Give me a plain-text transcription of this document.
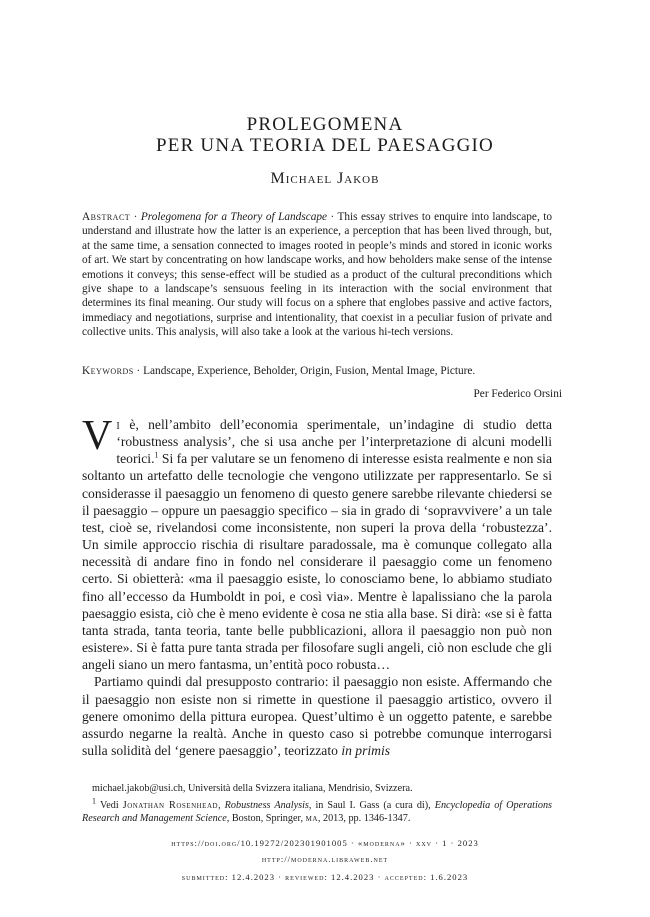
PROLEGOMENA
PER UNA TEORIA DEL PAESAGGIO
Michael Jakob
Abstract · Prolegomena for a Theory of Landscape · This essay strives to enquire into landscape, to understand and illustrate how the latter is an experience, a perception that has been lived through, but, at the same time, a sensation connected to images rooted in people’s minds and stored in iconic works of art. We start by concentrating on how landscape works, and how beholders make sense of the intense emotions it conveys; this sense-effect will be studied as a product of the cultural preconditions which give shape to a landscape’s sensuous feeling in its interaction with the social environment that determines its final meaning. Our study will focus on a sphere that englobes passive and active factors, immediacy and negotiations, surprise and intentionality, that coexist in a peculiar fusion of private and collective units. This analysis, will also take a look at the various hi-tech versions.
Keywords · Landscape, Experience, Beholder, Origin, Fusion, Mental Image, Picture.
Per Federico Orsini

Vi è, nell’ambito dell’economia sperimentale, un’indagine di studio detta ‘robustness analysis’, che si usa anche per l’interpretazione di alcuni modelli teorici.$^1$ Si fa per valutare se un fenomeno di interesse esista realmente e non sia soltanto un artefatto delle tecnologie che vengono utilizzate per rappresentarlo. Se si considerasse il paesaggio un fenomeno di questo genere sarebbe rilevante chiedersi se il paesaggio – oppure un paesaggio specifico – sia in grado di ‘sopravvivere’ a un tale test, cioè se, rivelandosi come inconsistente, non superi la prova della ‘robustezza’. Un simile approccio rischia di risultare paradossale, ma è comunque collegato alla necessità di andare fino in fondo nel considerare il paesaggio come un fenomeno certo. Si obietterà: «ma il paesaggio esiste, lo conosciamo bene, lo abbiamo studiato fino all’eccesso da Humboldt in poi, e così via». Mentre è lapalissiano che la parola paesaggio esista, ciò che è meno evidente è cosa ne stia alla base. Si dirà: «se si è fatta tanta strada, tanta teoria, tante belle pubblicazioni, allora il paesaggio non può non esistere». Si è fatta pure tanta strada per filosofare sugli angeli, ciò non esclude che gli angeli siano un mero fantasma, un’entità poco robusta…

Partiamo quindi dal presupposto contrario: il paesaggio non esiste. Affermando che il paesaggio non esiste non si rimette in questione il paesaggio artistico, ovvero il genere omonimo della pittura europea. Quest’ultimo è un oggetto patente, e sarebbe assurdo negarne la realtà. Anche in questo caso si potrebbe comunque interrogarsi sulla solidità del ‘genere paesaggio’, teorizzato in primis

michael.jakob@usi.ch, Università della Svizzera italiana, Mendrisio, Svizzera.
$^1$ Vedi Jonathan Rosenhead, Robustness Analysis, in Saul I. Gass (a cura di), Encyclopedia of Operations Research and Management Science, Boston, Springer, ma, 2013, pp. 1346-1347.
https://doi.org/10.19272/202301901005 · «moderna» · xxv · 1 · 2023
http://moderna.libraweb.net
submitted: 12.4.2023 · reviewed: 12.4.2023 · accepted: 1.6.2023
